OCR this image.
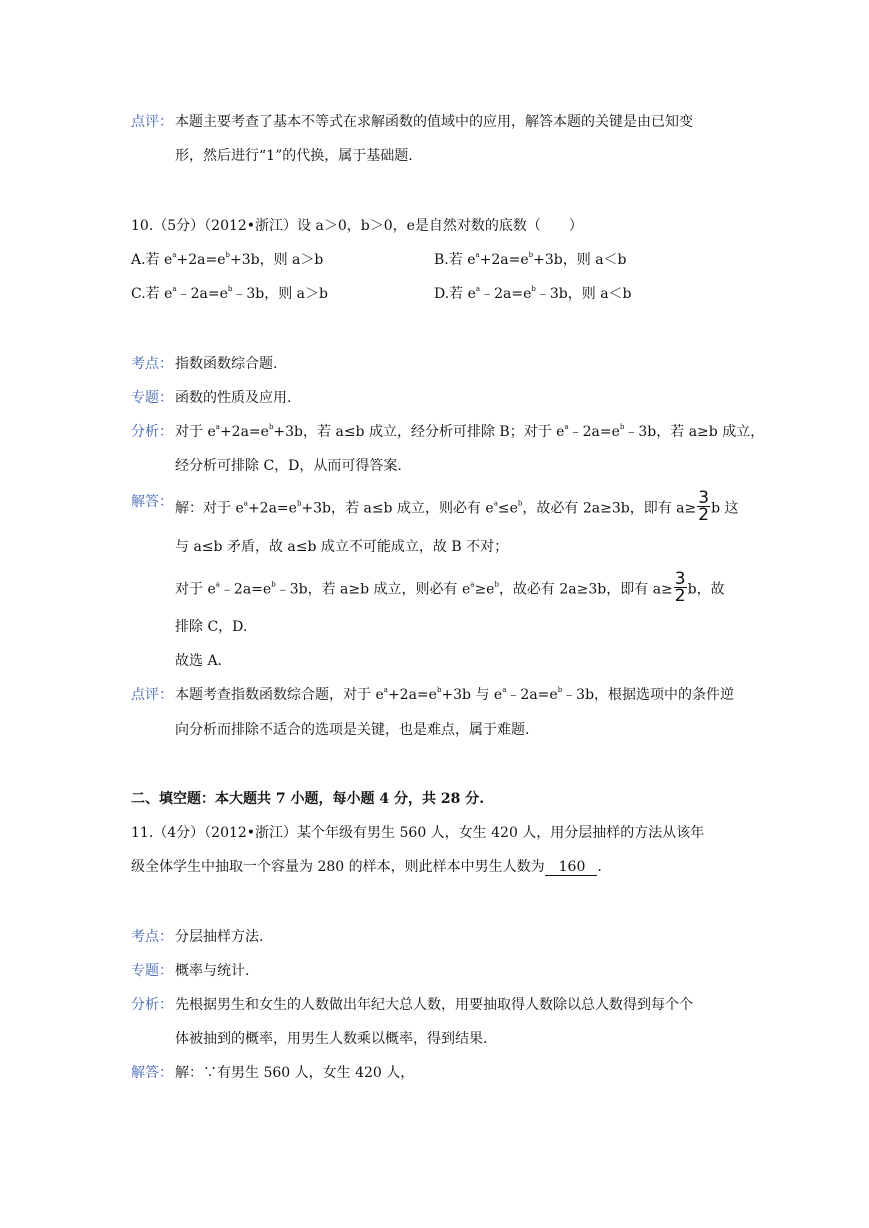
点评： 本题主要考查了基本不等式在求解函数的值域中的应用，解答本题的关键是由已知变
形，然后进行“1”的代换，属于基础题.
10.（5分）（2012•浙江）设 a＞0，b＞0，e是自然对数的底数（　　）
A.若 $e^a+2a=e^b+3b$，则 a＞b	B.若 $e^a+2a=e^b+3b$，则 a＜b
C.若 $e^a﹣2a=e^b﹣3b$，则 a＞b	D.若 $e^a﹣2a=e^b﹣3b$，则 a＜b
考点： 指数函数综合题.
专题： 函数的性质及应用.
分析： 对于 $e^a+2a=e^b+3b$，若 a≤b 成立，经分析可排除 B；对于 $e^a﹣2a=e^b﹣3b$，若 a≥b 成立，
经分析可排除 C，D，从而可得答案.
解答： 解：对于 $e^a+2a=e^b+3b$，若 a≤b 成立，则必有 $e^a\le e^b$，故必有 2a≥3b，即有 $a\ge \frac{3}{2}$ b 这
与 a≤b 矛盾，故 a≤b 成立不可能成立，故 B 不对；
对于 $e^a﹣2a=e^b﹣3b$，若 a≥b 成立，则必有 $e^a\ge e^b$，故必有 2a≥3b，即有 $a\ge \frac{3}{2}$ b，故
排除 C，D.
故选 A.
点评： 本题考查指数函数综合题，对于 $e^a+2a=e^b+3b$ 与 $e^a﹣2a=e^b﹣3b$，根据选项中的条件逆
向分析而排除不适合的选项是关键，也是难点，属于难题.
二、填空题：本大题共 7 小题，每小题 4 分，共 28 分.
11.（4分）（2012•浙江）某个年级有男生 560 人，女生 420 人，用分层抽样的方法从该年
级全体学生中抽取一个容量为 280 的样本，则此样本中男生人数为 160 .
考点： 分层抽样方法.
专题： 概率与统计.
分析： 先根据男生和女生的人数做出年纪大总人数，用要抽取得人数除以总人数得到每个个
体被抽到的概率，用男生人数乘以概率，得到结果.
解答： 解：∵有男生 560 人，女生 420 人，
